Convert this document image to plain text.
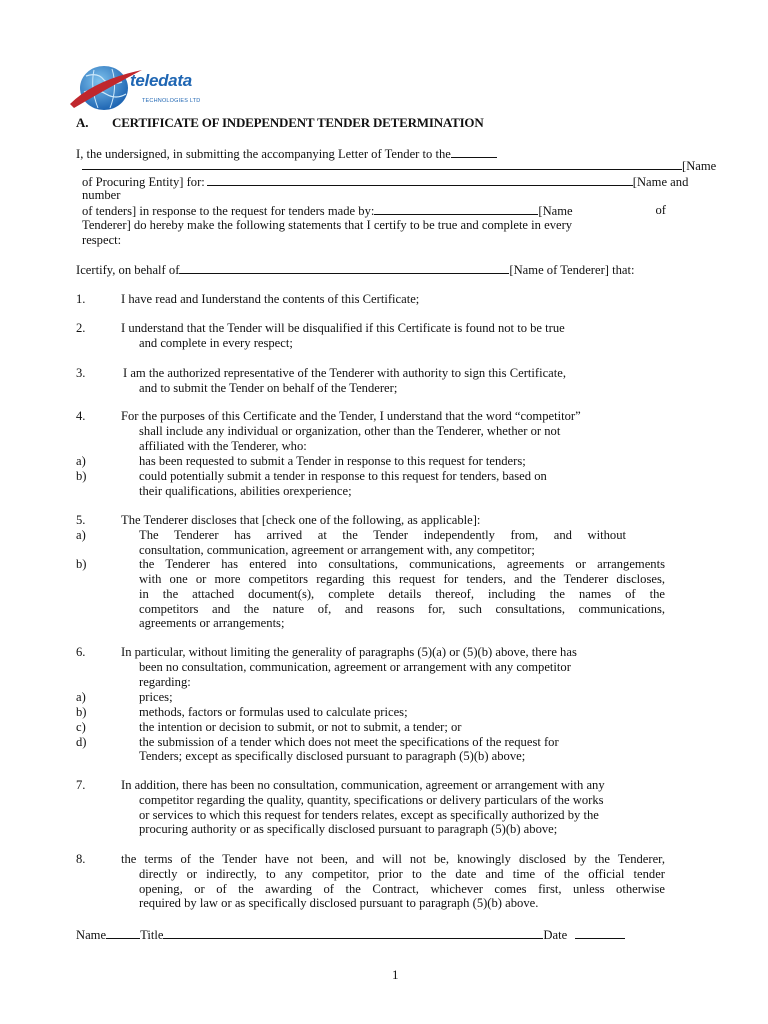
teledata
TECHNOLOGIES LTD
A. CERTIFICATE OF INDEPENDENT TENDER DETERMINATION
I, the undersigned, in submitting the accompanying Letter of Tender to the
[Name
of Procuring Entity] for:	[Name and
number
of tenders] in response to the request for tenders made by:	[Name	of
Tenderer] do hereby make the following statements that I certify to be true and complete in every
respect:
Icertify, on behalf of	[Name of Tenderer] that:
1.	I have read and Iunderstand the contents of this Certificate;
2.	I understand that the Tender will be disqualified if this Certificate is found not to be true
and complete in every respect;
3.	I am the authorized representative of the Tenderer with authority to sign this Certificate,
and to submit the Tender on behalf of the Tenderer;
4.	For the purposes of this Certificate and the Tender, I understand that the word “competitor”
shall include any individual or organization, other than the Tenderer, whether or not
affiliated with the Tenderer, who:
a)	has been requested to submit a Tender in response to this request for tenders;
b)	could potentially submit a tender in response to this request for tenders, based on
their qualifications, abilities orexperience;
5.	The Tenderer discloses that [check one of the following, as applicable]:
a)	The Tenderer has arrived at the Tender independently from, and without
consultation, communication, agreement or arrangement with, any competitor;
b)	the Tenderer has entered into consultations, communications, agreements or arrangements
with one or more competitors regarding this request for tenders, and the Tenderer discloses,
in the attached document(s), complete details thereof, including the names of the
competitors and the nature of, and reasons for, such consultations, communications,
agreements or arrangements;
6.	In particular, without limiting the generality of paragraphs (5)(a) or (5)(b) above, there has
been no consultation, communication, agreement or arrangement with any competitor
regarding:
a)	prices;
b)	methods, factors or formulas used to calculate prices;
c)	the intention or decision to submit, or not to submit, a tender; or
d)	the submission of a tender which does not meet the specifications of the request for
Tenders; except as specifically disclosed pursuant to paragraph (5)(b) above;
7.	In addition, there has been no consultation, communication, agreement or arrangement with any
competitor regarding the quality, quantity, specifications or delivery particulars of the works
or services to which this request for tenders relates, except as specifically authorized by the
procuring authority or as specifically disclosed pursuant to paragraph (5)(b) above;
8.	the terms of the Tender have not been, and will not be, knowingly disclosed by the Tenderer,
directly or indirectly, to any competitor, prior to the date and time of the official tender
opening, or of the awarding of the Contract, whichever comes first, unless otherwise
required by law or as specifically disclosed pursuant to paragraph (5)(b) above.
Name	Title	Date
1
